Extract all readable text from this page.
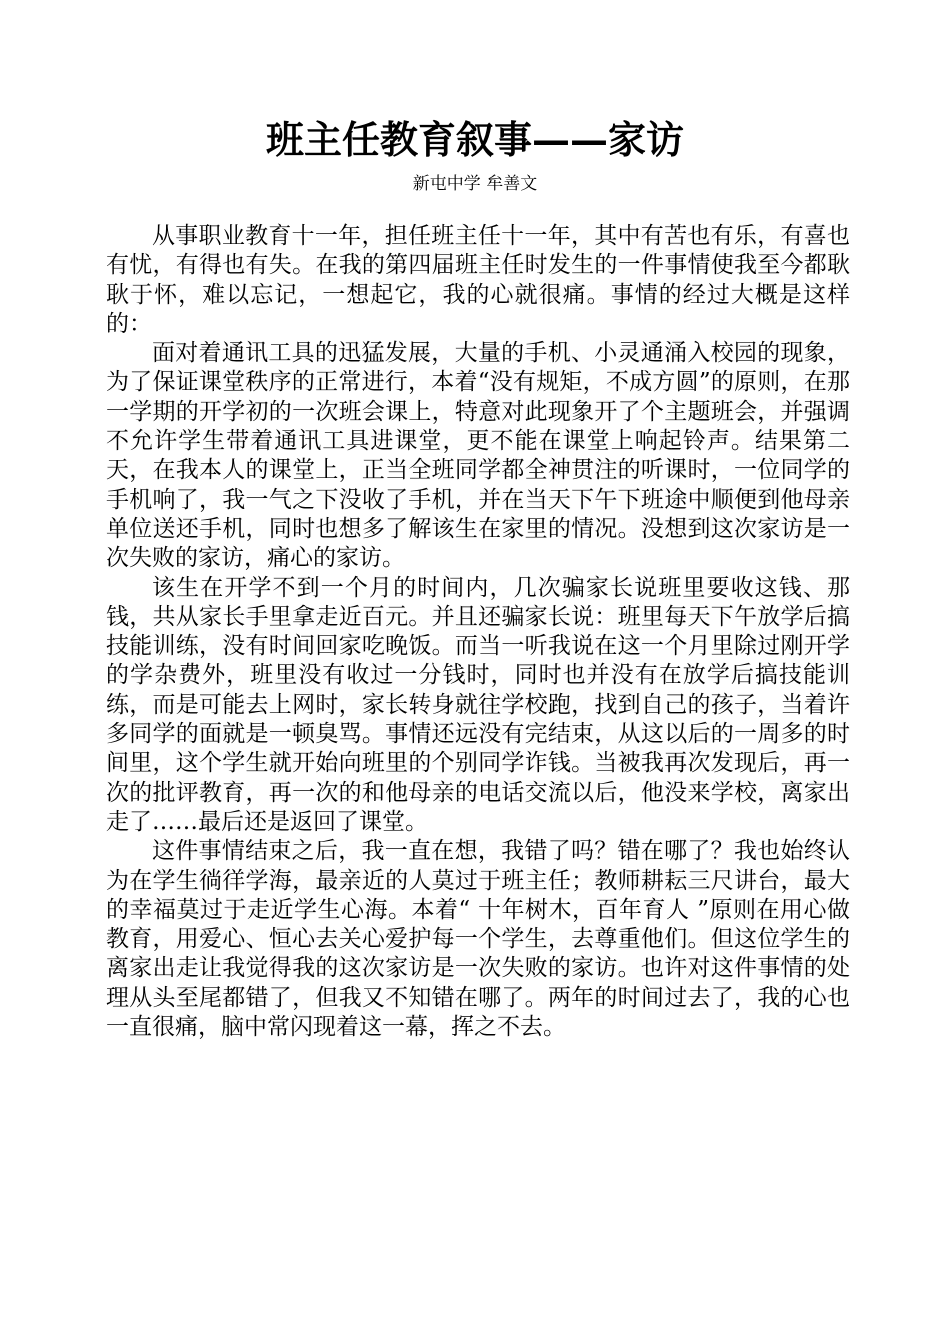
班主任教育叙事——家访
新屯中学 牟善文

从事职业教育十一年，担任班主任十一年，其中有苦也有乐，有喜也有忧，有得也有失。在我的第四届班主任时发生的一件事情使我至今都耿耿于怀，难以忘记，一想起它，我的心就很痛。事情的经过大概是这样的：

面对着通讯工具的迅猛发展，大量的手机、小灵通涌入校园的现象，为了保证课堂秩序的正常进行，本着“没有规矩，不成方圆”的原则，在那一学期的开学初的一次班会课上，特意对此现象开了个主题班会，并强调不允许学生带着通讯工具进课堂，更不能在课堂上响起铃声。结果第二天，在我本人的课堂上，正当全班同学都全神贯注的听课时，一位同学的手机响了，我一气之下没收了手机，并在当天下午下班途中顺便到他母亲单位送还手机，同时也想多了解该生在家里的情况。没想到这次家访是一次失败的家访，痛心的家访。

该生在开学不到一个月的时间内，几次骗家长说班里要收这钱、那钱，共从家长手里拿走近百元。并且还骗家长说：班里每天下午放学后搞技能训练，没有时间回家吃晚饭。而当一听我说在这一个月里除过刚开学的学杂费外，班里没有收过一分钱时，同时也并没有在放学后搞技能训练，而是可能去上网时，家长转身就往学校跑，找到自己的孩子，当着许多同学的面就是一顿臭骂。事情还远没有完结束，从这以后的一周多的时间里，这个学生就开始向班里的个别同学诈钱。当被我再次发现后，再一次的批评教育，再一次的和他母亲的电话交流以后，他没来学校，离家出走了……最后还是返回了课堂。

这件事情结束之后，我一直在想，我错了吗？错在哪了？我也始终认为在学生徜徉学海，最亲近的人莫过于班主任；教师耕耘三尺讲台，最大的幸福莫过于走近学生心海。本着“ 十年树木，百年育人 ”原则在用心做教育，用爱心、恒心去关心爱护每一个学生，去尊重他们。但这位学生的离家出走让我觉得我的这次家访是一次失败的家访。也许对这件事情的处理从头至尾都错了，但我又不知错在哪了。两年的时间过去了，我的心也一直很痛，脑中常闪现着这一幕，挥之不去。
